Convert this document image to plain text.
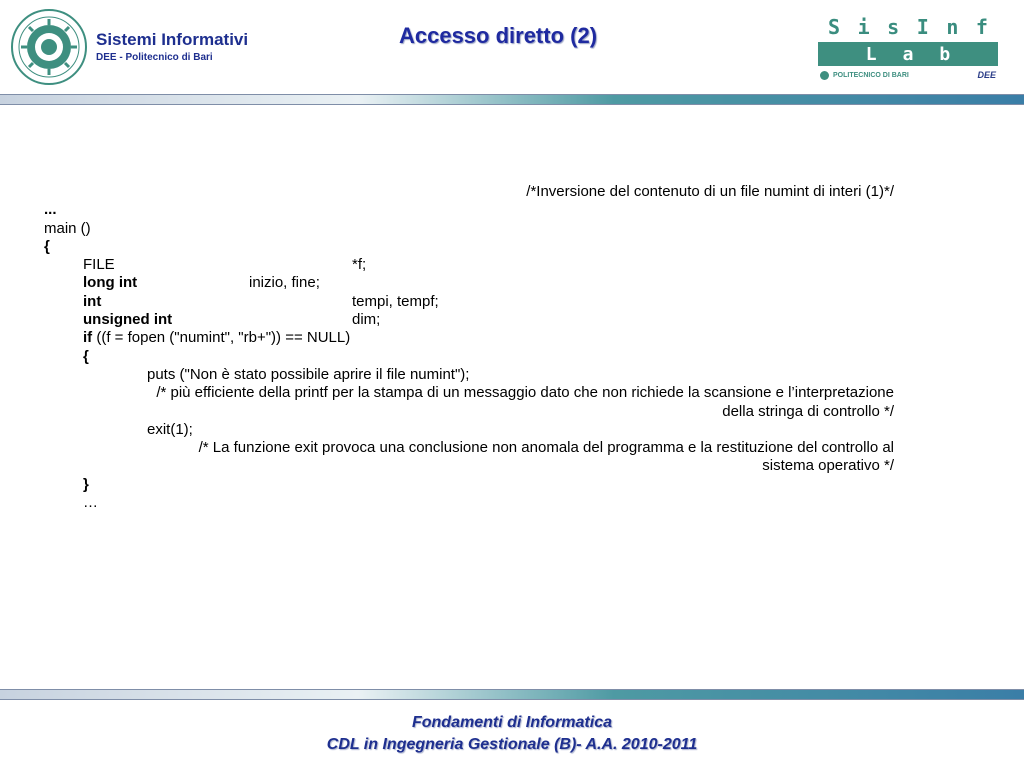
Sistemi Informativi
DEE - Politecnico di Bari
Accesso diretto (2)	S i s I n f
L a b
POLITECNICO DI BARI	DEE
/*Inversione del contenuto di un file numint di interi (1)*/
...
main ()
{
FILE	*f;
long int	inizio, fine;
int	tempi, tempf;
unsigned int	dim;
if ((f = fopen ("numint", "rb+")) == NULL)
{
puts ("Non è stato possibile aprire il file numint");
/* più efficiente della printf per la stampa di un messaggio dato che non richiede la scansione e l’interpretazione
della stringa di controllo */
exit(1);
/* La funzione exit provoca una conclusione non anomala del programma e la restituzione del controllo al
sistema operativo */
}
…
Fondamenti di Informatica
CDL in Ingegneria Gestionale (B)- A.A. 2010-2011
